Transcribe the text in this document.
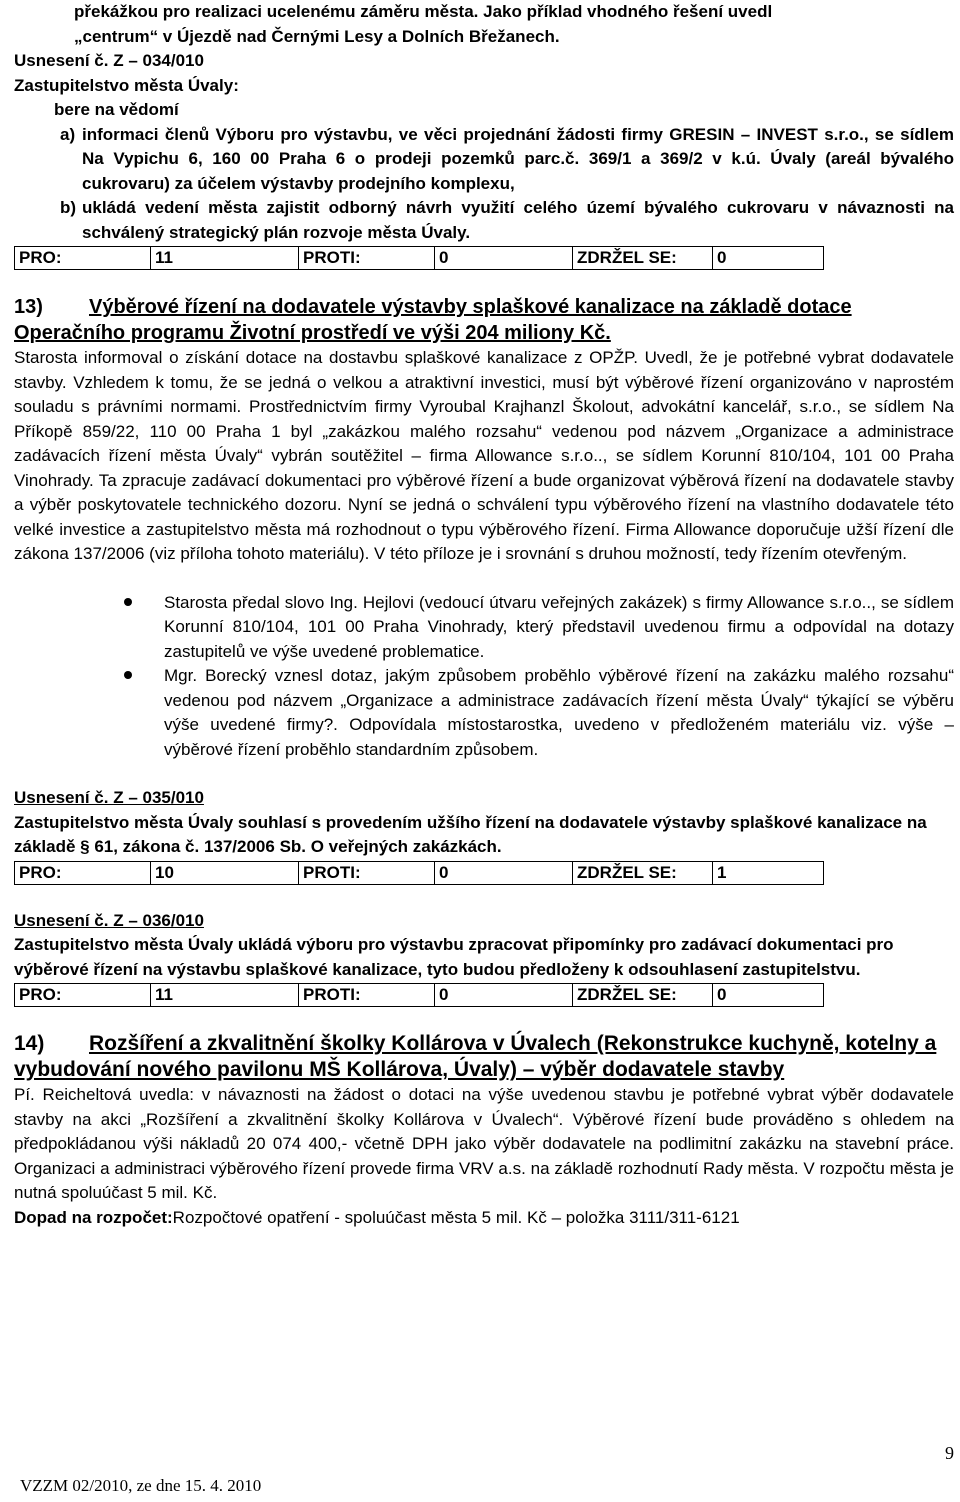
překážkou pro realizaci ucelenému záměru města. Jako příklad vhodného řešení uvedl

„centrum“ v Újezdě nad Černými Lesy a Dolních Břežanech.

Usnesení č. Z – 034/010

Zastupitelstvo města Úvaly:

bere na vědomí

a) informaci členů Výboru pro výstavbu, ve věci projednání žádosti firmy GRESIN – INVEST s.r.o., se sídlem Na Vypichu 6, 160 00 Praha 6 o prodeji pozemků parc.č. 369/1 a 369/2 v k.ú. Úvaly (areál bývalého cukrovaru) za účelem výstavby prodejního komplexu,
b) ukládá vedení města zajistit odborný návrh využití celého území bývalého cukrovaru v návaznosti na schválený strategický plán rozvoje města Úvaly.
PRO:	11	PROTI:	0	ZDRŽEL SE:	0

13) Výběrové řízení na dodavatele výstavby splaškové kanalizace na základě dotace Operačního programu Životní prostředí ve výši 204 miliony Kč.

Starosta informoval o získání dotace na dostavbu splaškové kanalizace z OPŽP. Uvedl, že je potřebné vybrat dodavatele stavby. Vzhledem k tomu, že se jedná o velkou a atraktivní investici, musí být výběrové řízení organizováno v naprostém souladu s právními normami. Prostřednictvím firmy Vyroubal Krajhanzl Školout, advokátní kancelář, s.r.o., se sídlem Na Příkopě 859/22, 110 00 Praha 1 byl „zakázkou malého rozsahu“ vedenou pod názvem „Organizace a administrace zadávacích řízení města Úvaly“ vybrán soutěžitel – firma Allowance s.r.o.., se sídlem Korunní 810/104, 101 00 Praha Vinohrady. Ta zpracuje zadávací dokumentaci pro výběrové řízení a bude organizovat výběrová řízení na dodavatele stavby a výběr poskytovatele technického dozoru. Nyní se jedná o schválení typu výběrového řízení na vlastního dodavatele této velké investice a zastupitelstvo města má rozhodnout o typu výběrového řízení. Firma Allowance doporučuje užší řízení dle zákona 137/2006 (viz příloha tohoto materiálu). V této příloze je i srovnání s druhou možností, tedy řízením otevřeným.

Starosta předal slovo Ing. Hejlovi (vedoucí útvaru veřejných zakázek) s firmy Allowance s.r.o.., se sídlem Korunní 810/104, 101 00 Praha Vinohrady, který představil uvedenou firmu a odpovídal na dotazy zastupitelů ve výše uvedené problematice.
Mgr. Borecký vznesl dotaz, jakým způsobem proběhlo výběrové řízení na zakázku malého rozsahu“ vedenou pod názvem „Organizace a administrace zadávacích řízení města Úvaly“ týkající se výběru výše uvedené firmy?. Odpovídala místostarostka, uvedeno v předloženém materiálu viz. výše – výběrové řízení proběhlo standardním způsobem.

Usnesení č. Z – 035/010

Zastupitelstvo města Úvaly souhlasí s provedením užšího řízení na dodavatele výstavby splaškové kanalizace na základě § 61, zákona č. 137/2006 Sb. O veřejných zakázkách.

PRO:	10	PROTI:	0	ZDRŽEL SE:	1

Usnesení č. Z – 036/010

Zastupitelstvo města Úvaly ukládá výboru pro výstavbu zpracovat připomínky pro zadávací dokumentaci pro výběrové řízení na výstavbu splaškové kanalizace, tyto budou předloženy k odsouhlasení zastupitelstvu.

PRO:	11	PROTI:	0	ZDRŽEL SE:	0

14) Rozšíření a zkvalitnění školky Kollárova v Úvalech (Rekonstrukce kuchyně, kotelny a vybudování nového pavilonu MŠ Kollárova, Úvaly) – výběr dodavatele stavby

Pí. Reicheltová uvedla: v návaznosti na žádost o dotaci na výše uvedenou stavbu je potřebné vybrat výběr dodavatele stavby na akci „Rozšíření a zkvalitnění školky Kollárova v Úvalech“. Výběrové řízení bude prováděno s ohledem na předpokládanou výši nákladů 20 074 400,- včetně DPH jako výběr dodavatele na podlimitní zakázku na stavební práce. Organizaci a administraci výběrového řízení provede firma VRV a.s. na základě rozhodnutí Rady města. V rozpočtu města je nutná spoluúčast 5 mil. Kč.

Dopad na rozpočet:Rozpočtové opatření - spoluúčast města 5 mil. Kč – položka 3111/311-6121

9
VZZM 02/2010, ze dne 15. 4. 2010
